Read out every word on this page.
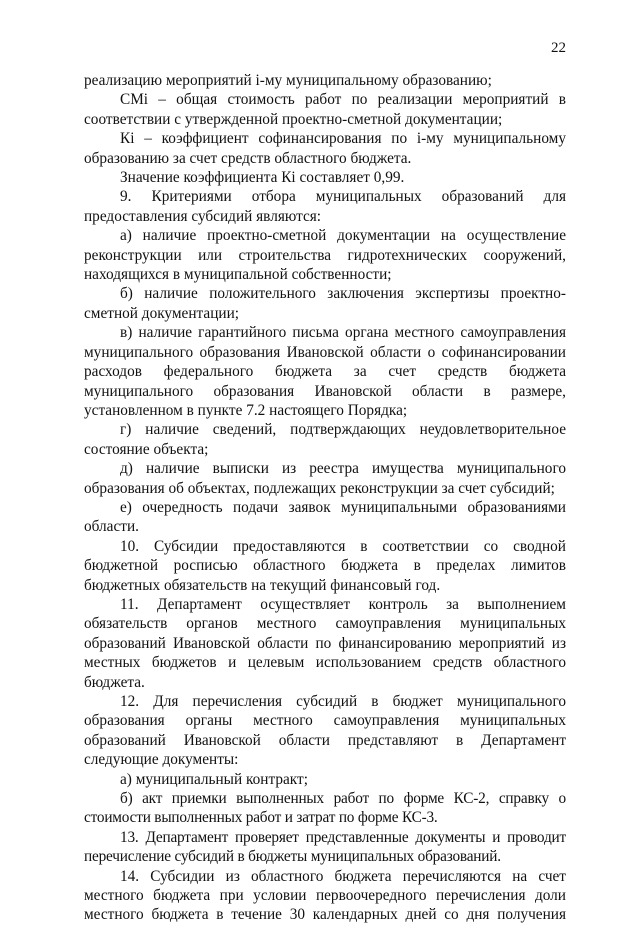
22

реализацию мероприятий i-му муниципальному образованию;

СМi – общая стоимость работ по реализации мероприятий в соответствии с утвержденной проектно-сметной документации;

Кi – коэффициент софинансирования по i-му муниципальному образованию за счет средств областного бюджета.

Значение коэффициента Кi составляет 0,99.

9. Критериями отбора муниципальных образований для предоставления субсидий являются:

а) наличие проектно-сметной документации на осуществление реконструкции или строительства гидротехнических сооружений, находящихся в муниципальной собственности;

б) наличие положительного заключения экспертизы проектно-сметной документации;

в) наличие гарантийного письма органа местного самоуправления муниципального образования Ивановской области о софинансировании расходов федерального бюджета за счет средств бюджета муниципального образования Ивановской области в размере, установленном в пункте 7.2 настоящего Порядка;

г) наличие сведений, подтверждающих неудовлетворительное состояние объекта;

д) наличие выписки из реестра имущества муниципального образования об объектах, подлежащих реконструкции за счет субсидий;

е) очередность подачи заявок муниципальными образованиями области.

10. Субсидии предоставляются в соответствии со сводной бюджетной росписью областного бюджета в пределах лимитов бюджетных обязательств на текущий финансовый год.

11. Департамент осуществляет контроль за выполнением обязательств органов местного самоуправления муниципальных образований Ивановской области по финансированию мероприятий из местных бюджетов и целевым использованием средств областного бюджета.

12. Для перечисления субсидий в бюджет муниципального образования органы местного самоуправления муниципальных образований Ивановской области представляют в Департамент следующие документы:

а) муниципальный контракт;

б) акт приемки выполненных работ по форме КС-2, справку о стоимости выполненных работ и затрат по форме КС-3.

13. Департамент проверяет представленные документы и проводит перечисление субсидий в бюджеты муниципальных образований.

14. Субсидии из областного бюджета перечисляются на счет местного бюджета при условии первоочередного перечисления доли местного бюджета в течение 30 календарных дней со дня получения
